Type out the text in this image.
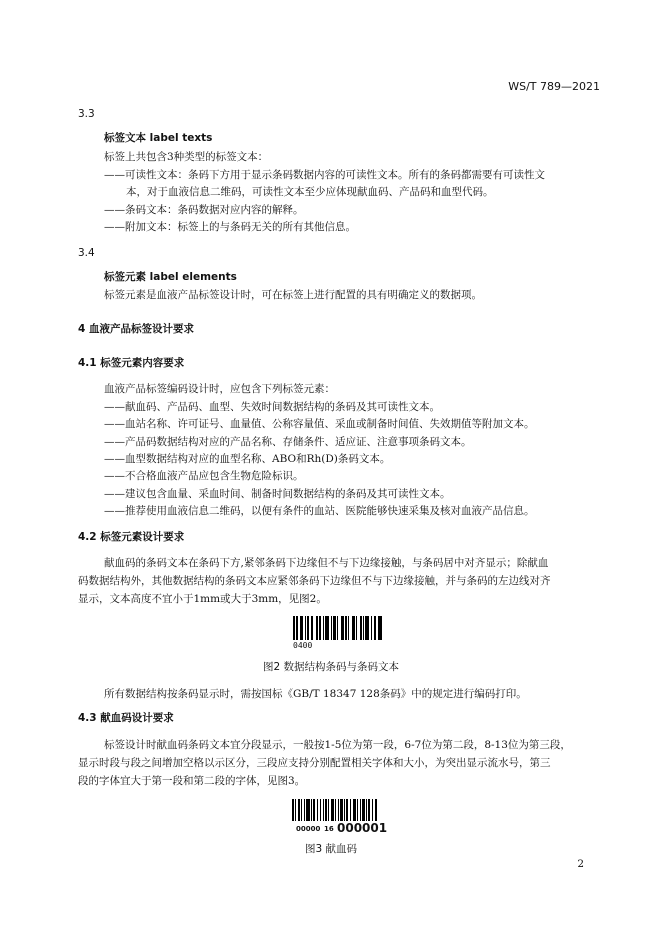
WS/T 789—2021
3.3
标签文本 label texts
标签上共包含3种类型的标签文本：
——可读性文本：条码下方用于显示条码数据内容的可读性文本。所有的条码都需要有可读性文
本，对于血液信息二维码，可读性文本至少应体现献血码、产品码和血型代码。
——条码文本：条码数据对应内容的解释。
——附加文本：标签上的与条码无关的所有其他信息。
3.4
标签元素 label elements
标签元素是血液产品标签设计时，可在标签上进行配置的具有明确定义的数据项。
4 血液产品标签设计要求
4.1 标签元素内容要求
血液产品标签编码设计时，应包含下列标签元素：
——献血码、产品码、血型、失效时间数据结构的条码及其可读性文本。
——血站名称、许可证号、血量值、公称容量值、采血或制备时间值、失效期值等附加文本。
——产品码数据结构对应的产品名称、存储条件、适应证、注意事项条码文本。
——血型数据结构对应的血型名称、ABO和Rh(D)条码文本。
——不合格血液产品应包含生物危险标识。
——建议包含血量、采血时间、制备时间数据结构的条码及其可读性文本。
——推荐使用血液信息二维码，以便有条件的血站、医院能够快速采集及核对血液产品信息。
4.2 标签元素设计要求
献血码的条码文本在条码下方,紧邻条码下边缘但不与下边缘接触，与条码居中对齐显示；除献血
码数据结构外，其他数据结构的条码文本应紧邻条码下边缘但不与下边缘接触，并与条码的左边线对齐
显示，文本高度不宜小于1mm或大于3mm，见图2。
0400
图2 数据结构条码与条码文本
所有数据结构按条码显示时，需按国标《GB/T 18347 128条码》中的规定进行编码打印。
4.3 献血码设计要求
标签设计时献血码条码文本宜分段显示，一般按1-5位为第一段，6-7位为第二段，8-13位为第三段，
显示时段与段之间增加空格以示区分，三段应支持分别配置相关字体和大小，为突出显示流水号，第三
段的字体宜大于第一段和第二段的字体，见图3。
00000 16 000001
图3 献血码
2
